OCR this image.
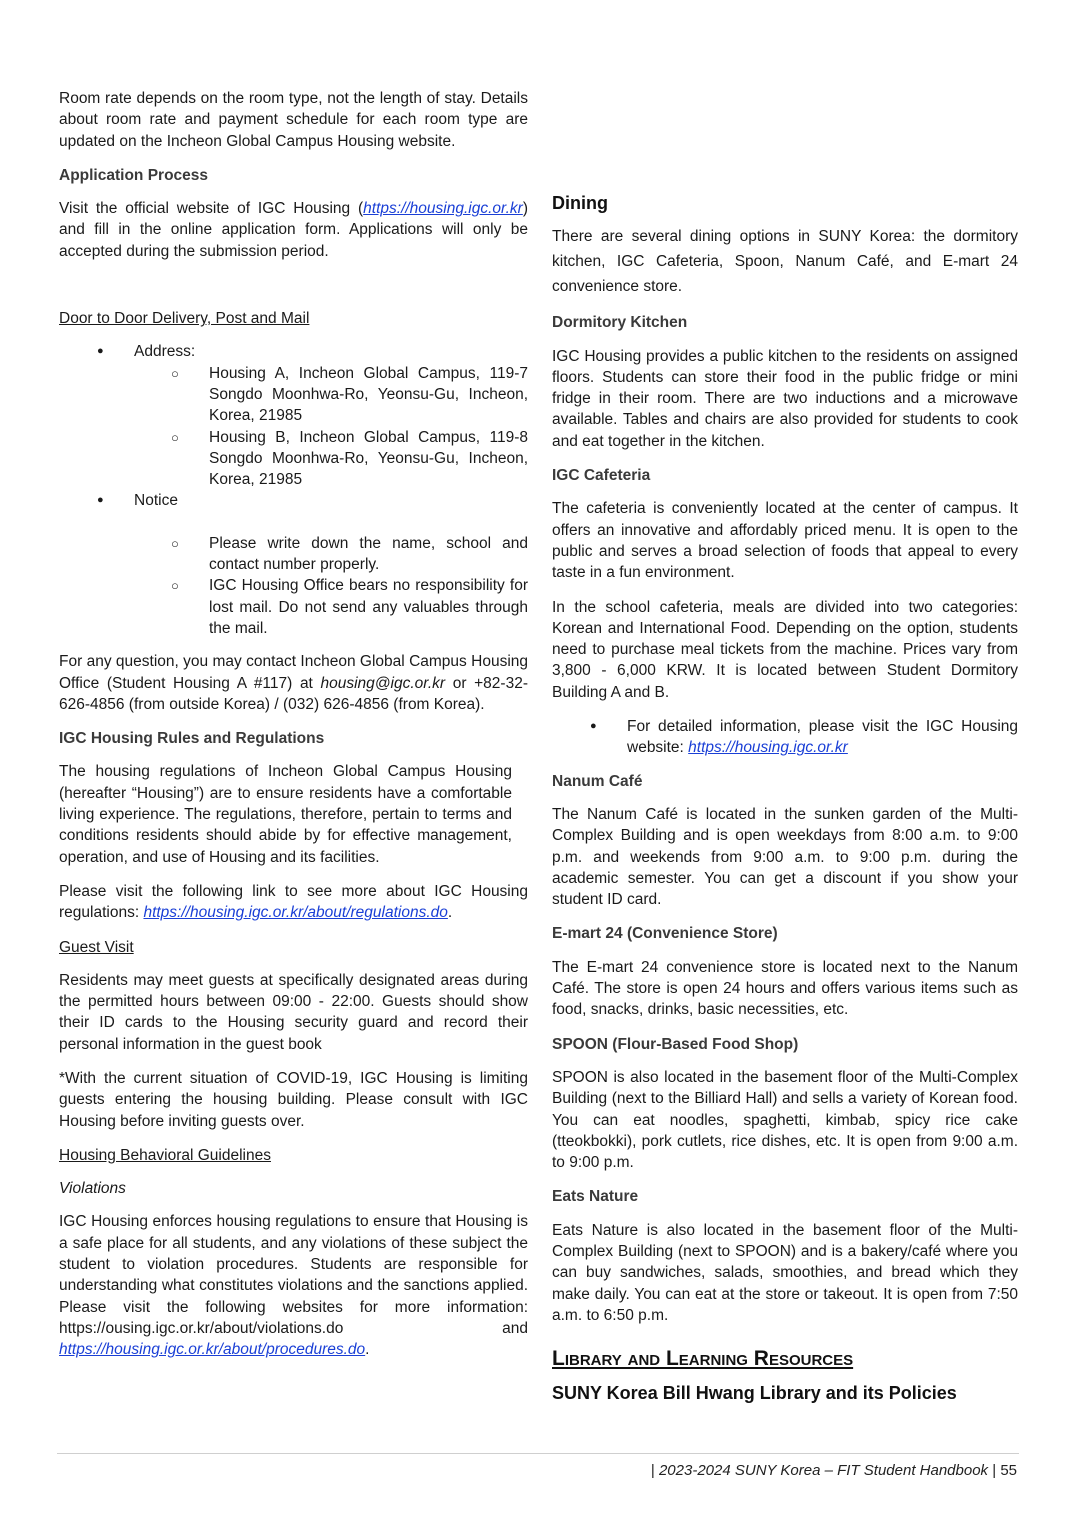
Room rate depends on the room type, not the length of stay. Details about room rate and payment schedule for each room type are updated on the Incheon Global Campus Housing website.

Application Process

Visit the official website of IGC Housing (https://housing.igc.or.kr) and fill in the online application form. Applications will only be accepted during the submission period.

Door to Door Delivery, Post and Mail
● Address:
○ Housing A, Incheon Global Campus, 119-7 Songdo Moonhwa-Ro, Yeonsu-Gu, Incheon, Korea, 21985
○ Housing B, Incheon Global Campus, 119-8 Songdo Moonhwa-Ro, Yeonsu-Gu, Incheon, Korea, 21985
● Notice
○ Please write down the name, school and contact number properly.
○ IGC Housing Office bears no responsibility for lost mail. Do not send any valuables through the mail.

For any question, you may contact Incheon Global Campus Housing Office (Student Housing A #117) at housing@igc.or.kr or +82-32-626-4856 (from outside Korea) / (032) 626-4856 (from Korea).

IGC Housing Rules and Regulations

The housing regulations of Incheon Global Campus Housing (hereafter “Housing”) are to ensure residents have a comfortable living experience. The regulations, therefore, pertain to terms and conditions residents should abide by for effective management, operation, and use of Housing and its facilities.

Please visit the following link to see more about IGC Housing regulations: https://housing.igc.or.kr/about/regulations.do.

Guest Visit

Residents may meet guests at specifically designated areas during the permitted hours between 09:00 - 22:00. Guests should show their ID cards to the Housing security guard and record their personal information in the guest book

*With the current situation of COVID-19, IGC Housing is limiting guests entering the housing building. Please consult with IGC Housing before inviting guests over.

Housing Behavioral Guidelines
Violations

IGC Housing enforces housing regulations to ensure that Housing is a safe place for all students, and any violations of these subject the student to violation procedures. Students are responsible for understanding what constitutes violations and the sanctions applied. Please visit the following websites for more information: https://ousing.igc.or.kr/about/violations.do and https://housing.igc.or.kr/about/procedures.do.

Dining

There are several dining options in SUNY Korea: the dormitory kitchen, IGC Cafeteria, Spoon, Nanum Café, and E-mart 24 convenience store.

Dormitory Kitchen

IGC Housing provides a public kitchen to the residents on assigned floors. Students can store their food in the public fridge or mini fridge in their room. There are two inductions and a microwave available. Tables and chairs are also provided for students to cook and eat together in the kitchen.

IGC Cafeteria

The cafeteria is conveniently located at the center of campus. It offers an innovative and affordably priced menu. It is open to the public and serves a broad selection of foods that appeal to every taste in a fun environment.

In the school cafeteria, meals are divided into two categories: Korean and International Food. Depending on the option, students need to purchase meal tickets from the machine. Prices vary from 3,800 - 6,000 KRW. It is located between Student Dormitory Building A and B.

● For detailed information, please visit the IGC Housing website: https://housing.igc.or.kr
Nanum Café

The Nanum Café is located in the sunken garden of the Multi-Complex Building and is open weekdays from 8:00 a.m. to 9:00 p.m. and weekends from 9:00 a.m. to 9:00 p.m. during the academic semester. You can get a discount if you show your student ID card.

E-mart 24 (Convenience Store)

The E-mart 24 convenience store is located next to the Nanum Café. The store is open 24 hours and offers various items such as food, snacks, drinks, basic necessities, etc.

SPOON (Flour-Based Food Shop)

SPOON is also located in the basement floor of the Multi-Complex Building (next to the Billiard Hall) and sells a variety of Korean food. You can eat noodles, spaghetti, kimbab, spicy rice cake (tteokbokki), pork cutlets, rice dishes, etc. It is open from 9:00 a.m. to 9:00 p.m.

Eats Nature

Eats Nature is also located in the basement floor of the Multi-Complex Building (next to SPOON) and is a bakery/café where you can buy sandwiches, salads, smoothies, and bread which they make daily. You can eat at the store or takeout. It is open from 7:50 a.m. to 6:50 p.m.

Library and Learning Resources
SUNY Korea Bill Hwang Library and its Policies
| 2023-2024 SUNY Korea – FIT Student Handbook | 55
